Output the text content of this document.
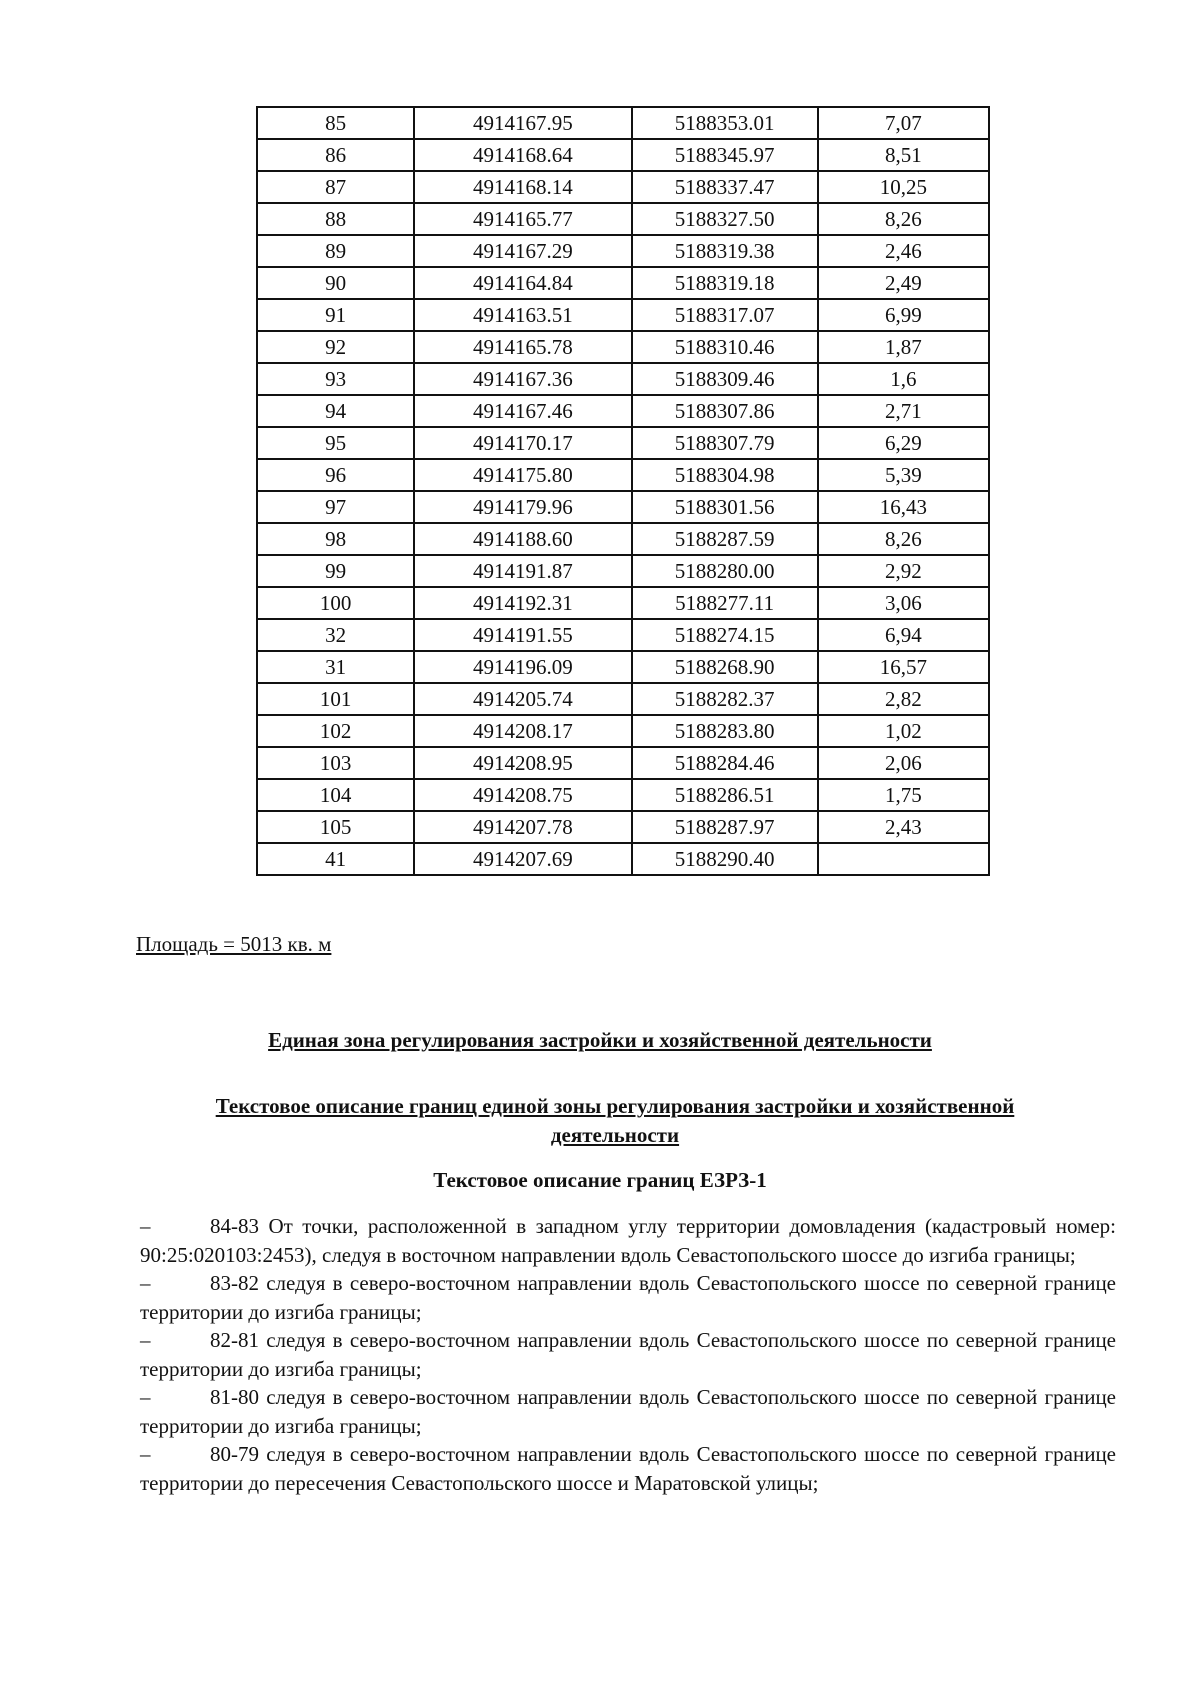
85	4914167.95	5188353.01	7,07
86	4914168.64	5188345.97	8,51
87	4914168.14	5188337.47	10,25
88	4914165.77	5188327.50	8,26
89	4914167.29	5188319.38	2,46
90	4914164.84	5188319.18	2,49
91	4914163.51	5188317.07	6,99
92	4914165.78	5188310.46	1,87
93	4914167.36	5188309.46	1,6
94	4914167.46	5188307.86	2,71
95	4914170.17	5188307.79	6,29
96	4914175.80	5188304.98	5,39
97	4914179.96	5188301.56	16,43
98	4914188.60	5188287.59	8,26
99	4914191.87	5188280.00	2,92
100	4914192.31	5188277.11	3,06
32	4914191.55	5188274.15	6,94
31	4914196.09	5188268.90	16,57
101	4914205.74	5188282.37	2,82
102	4914208.17	5188283.80	1,02
103	4914208.95	5188284.46	2,06
104	4914208.75	5188286.51	1,75
105	4914207.78	5188287.97	2,43
41	4914207.69	5188290.40	
Площадь = 5013 кв. м
Единая зона регулирования застройки и хозяйственной деятельности
Текстовое описание границ единой зоны регулирования застройки и хозяйственной деятельности
Текстовое описание границ ЕЗРЗ-1
–	84-83 От точки, расположенной в западном углу территории домовладения (кадастровый номер: 90:25:020103:2453), следуя в восточном направлении вдоль Севастопольского шоссе до изгиба границы;
–	83-82 следуя в северо-восточном направлении вдоль Севастопольского шоссе по северной границе территории до изгиба границы;
–	82-81 следуя в северо-восточном направлении вдоль Севастопольского шоссе по северной границе территории до изгиба границы;
–	81-80 следуя в северо-восточном направлении вдоль Севастопольского шоссе по северной границе территории до изгиба границы;
–	80-79 следуя в северо-восточном направлении вдоль Севастопольского шоссе по северной границе территории до пересечения Севастопольского шоссе и Маратовской улицы;
